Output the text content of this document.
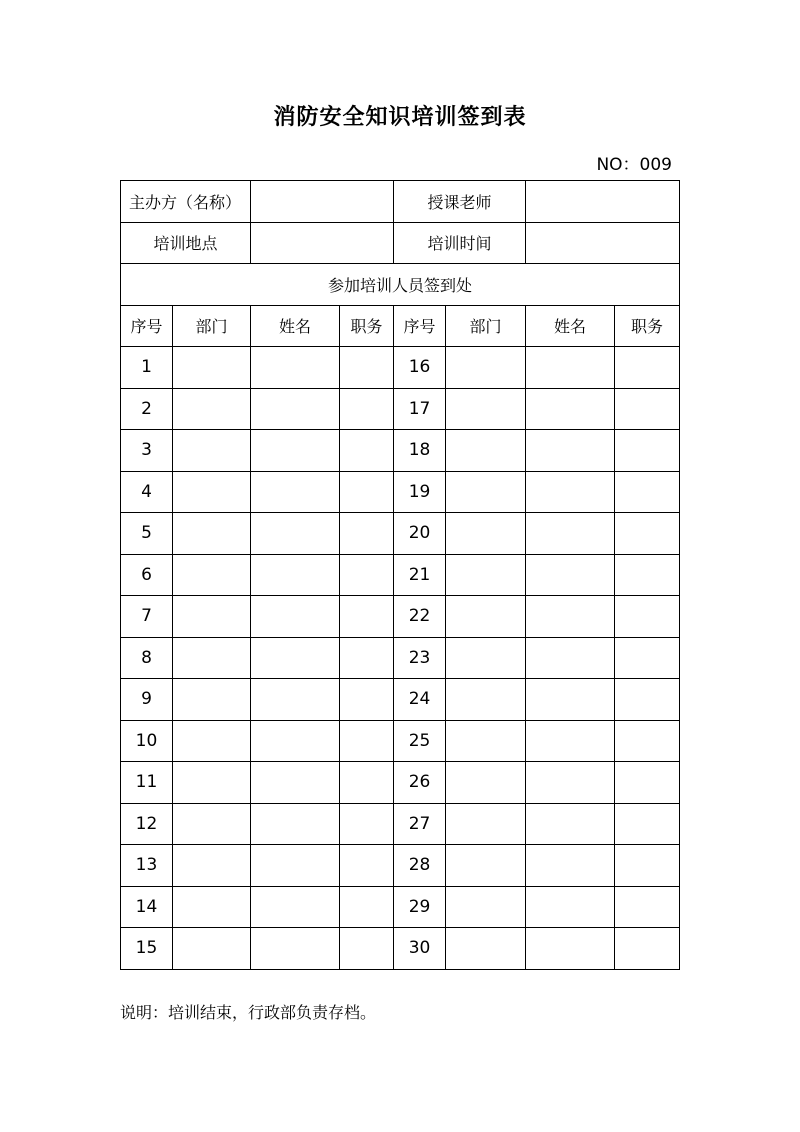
消防安全知识培训签到表
NO：009
主办方（名称）				授课老师			
培训地点				培训时间			
参加培训人员签到处							
序号	部门	姓名	职务	序号	部门	姓名	职务
1				16			
2				17			
3				18			
4				19			
5				20			
6				21			
7				22			
8				23			
9				24			
10				25			
11				26			
12				27			
13				28			
14				29			
15				30			
说明：培训结束，行政部负责存档。
